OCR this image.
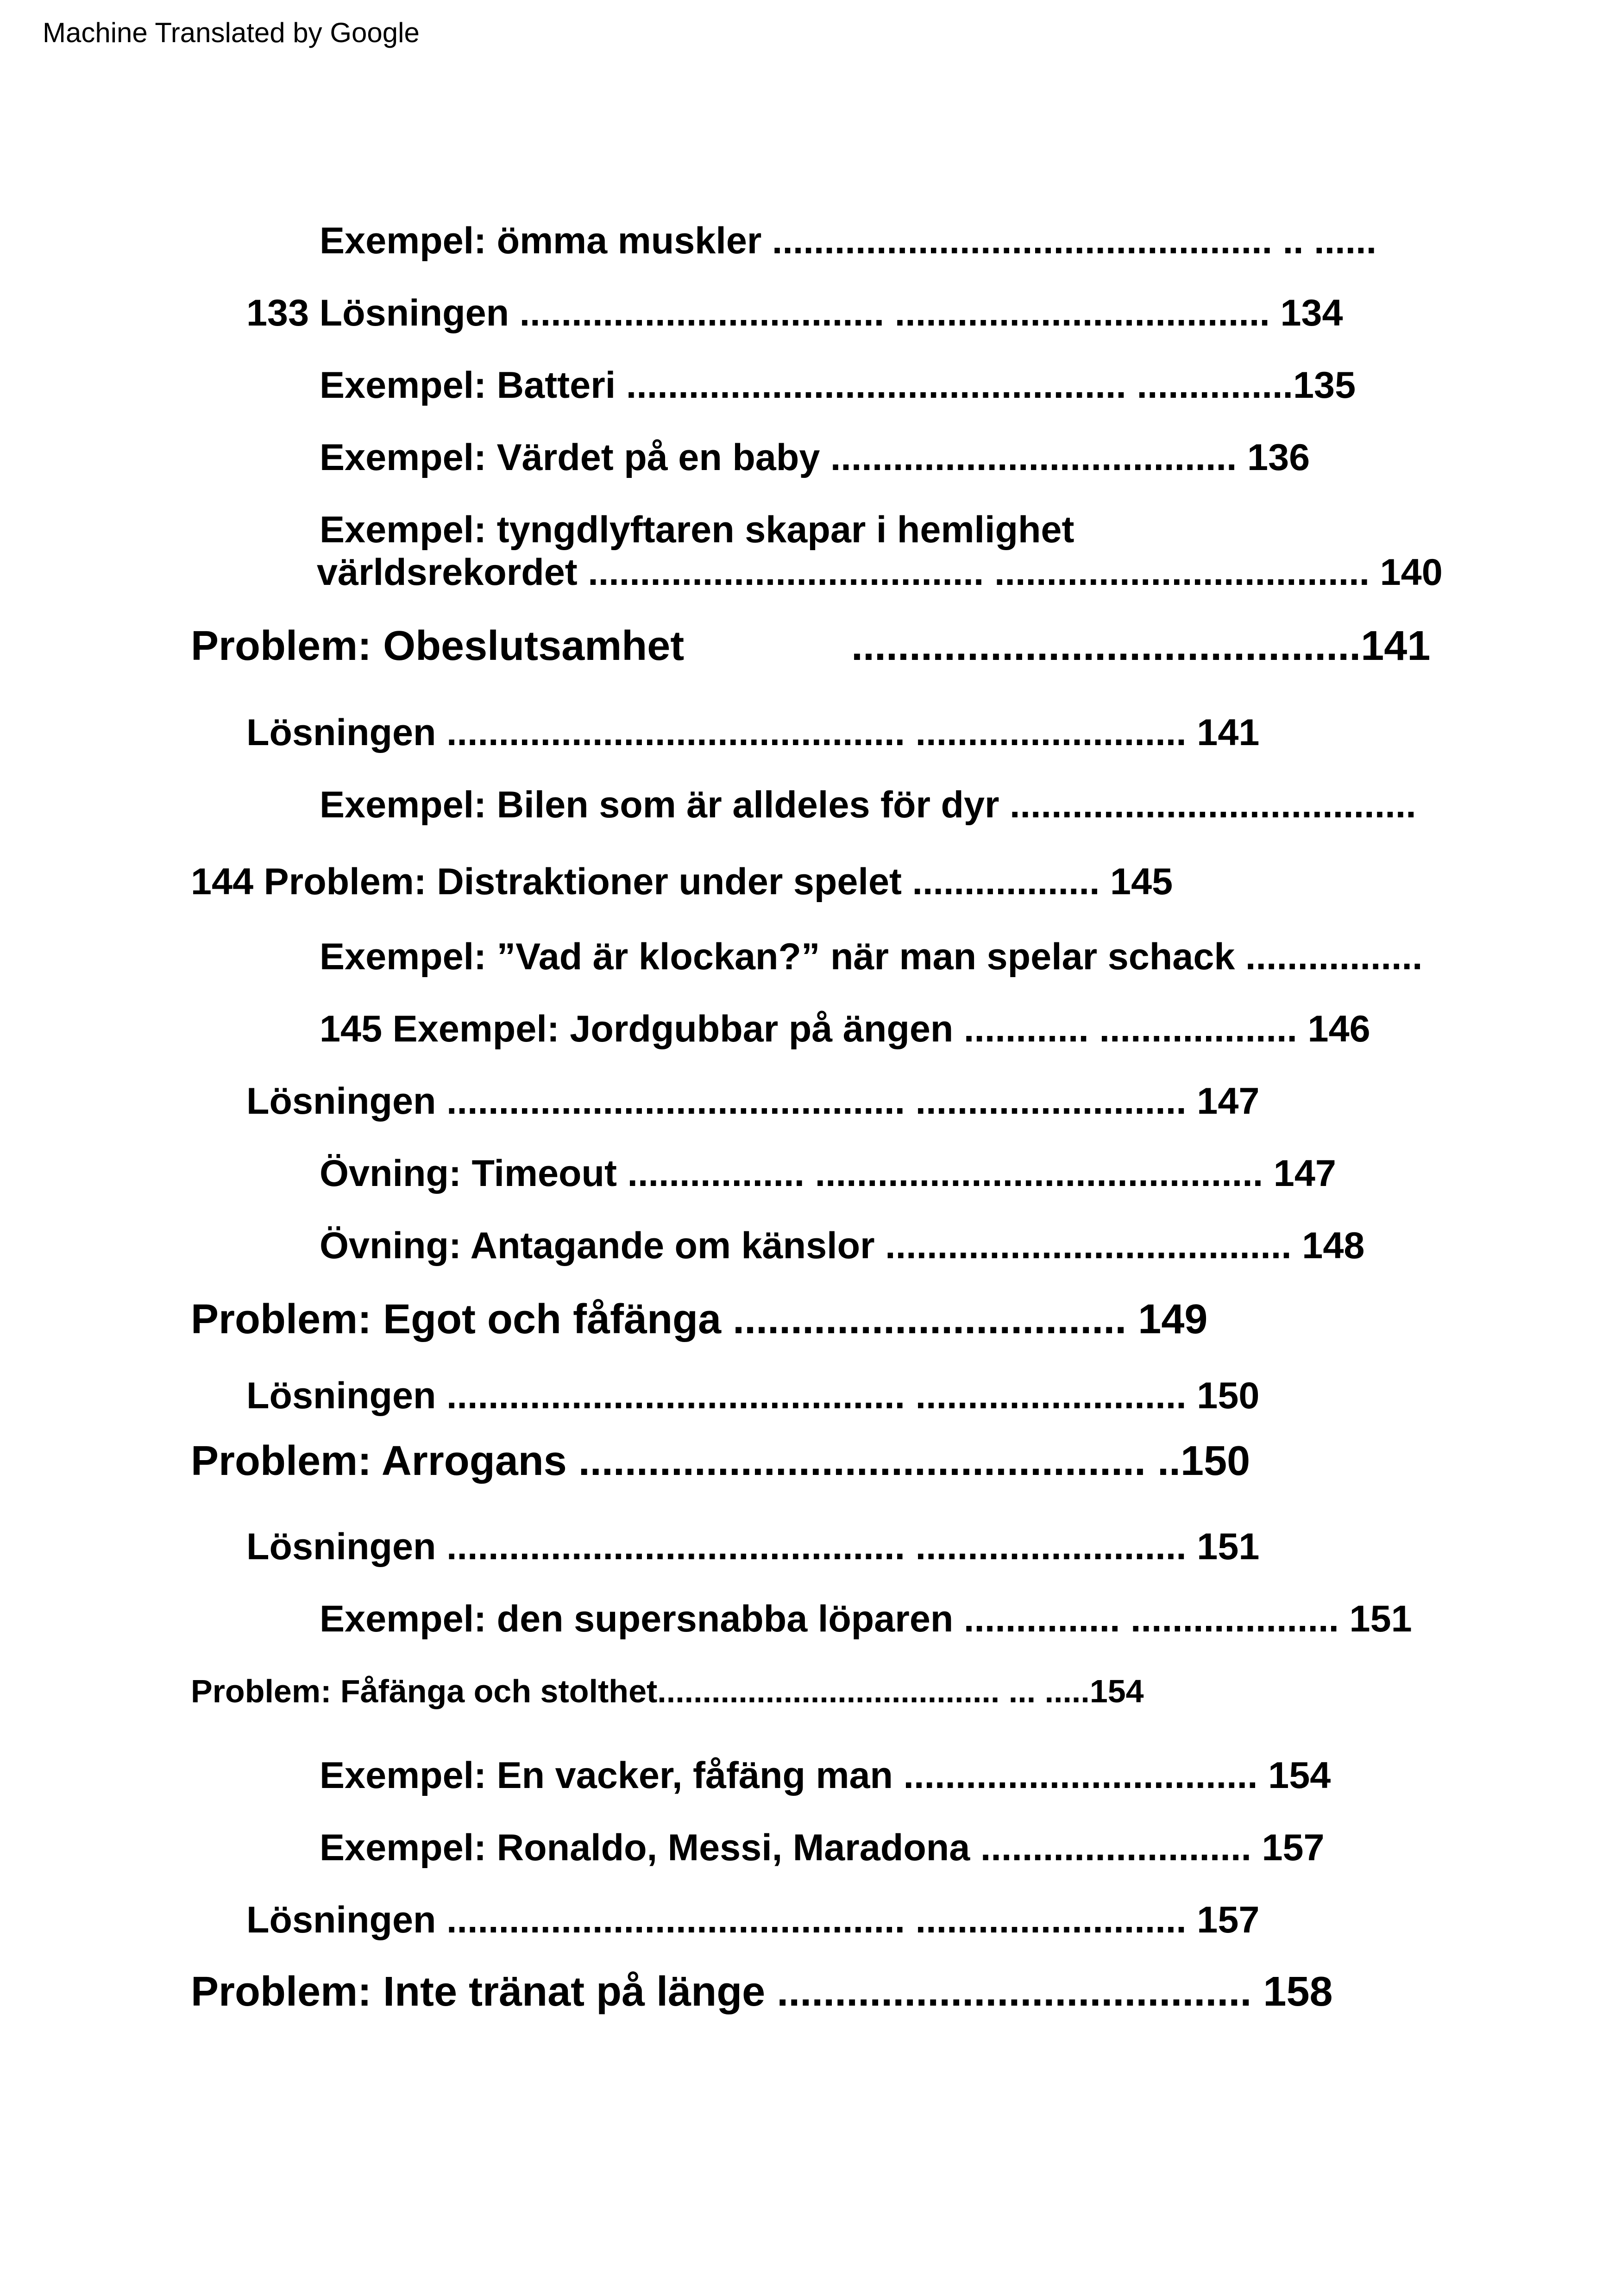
Machine Translated by Google
Exempel: ömma muskler ................................................ .. ......
133 Lösningen ................................... .................................... 134
Exempel: Batteri ................................................ ...............135
Exempel: Värdet på en baby ....................................... 136
Exempel: tyngdlyftaren skapar i hemlighet
världsrekordet ...................................... .................................... 140
Problem: Obeslutsamhet	............................................141
Lösningen ............................................ .......................... 141
Exempel: Bilen som är alldeles för dyr .......................................
144 Problem: Distraktioner under spelet .................. 145
Exempel: ”Vad är klockan?” när man spelar schack .................
145 Exempel: Jordgubbar på ängen ............ ................... 146
Lösningen ............................................ .......................... 147
Övning: Timeout ................. ........................................... 147
Övning: Antagande om känslor ....................................... 148
Problem: Egot och fåfänga .................................. 149
Lösningen ............................................ .......................... 150
Problem: Arrogans ................................................. ..150
Lösningen ............................................ .......................... 151
Exempel: den supersnabba löparen ............... .................... 151
Problem: Fåfänga och stolthet...................................... ... .....154
Exempel: En vacker, fåfäng man .................................. 154
Exempel: Ronaldo, Messi, Maradona .......................... 157
Lösningen ............................................ .......................... 157
Problem: Inte tränat på länge ......................................... 158
